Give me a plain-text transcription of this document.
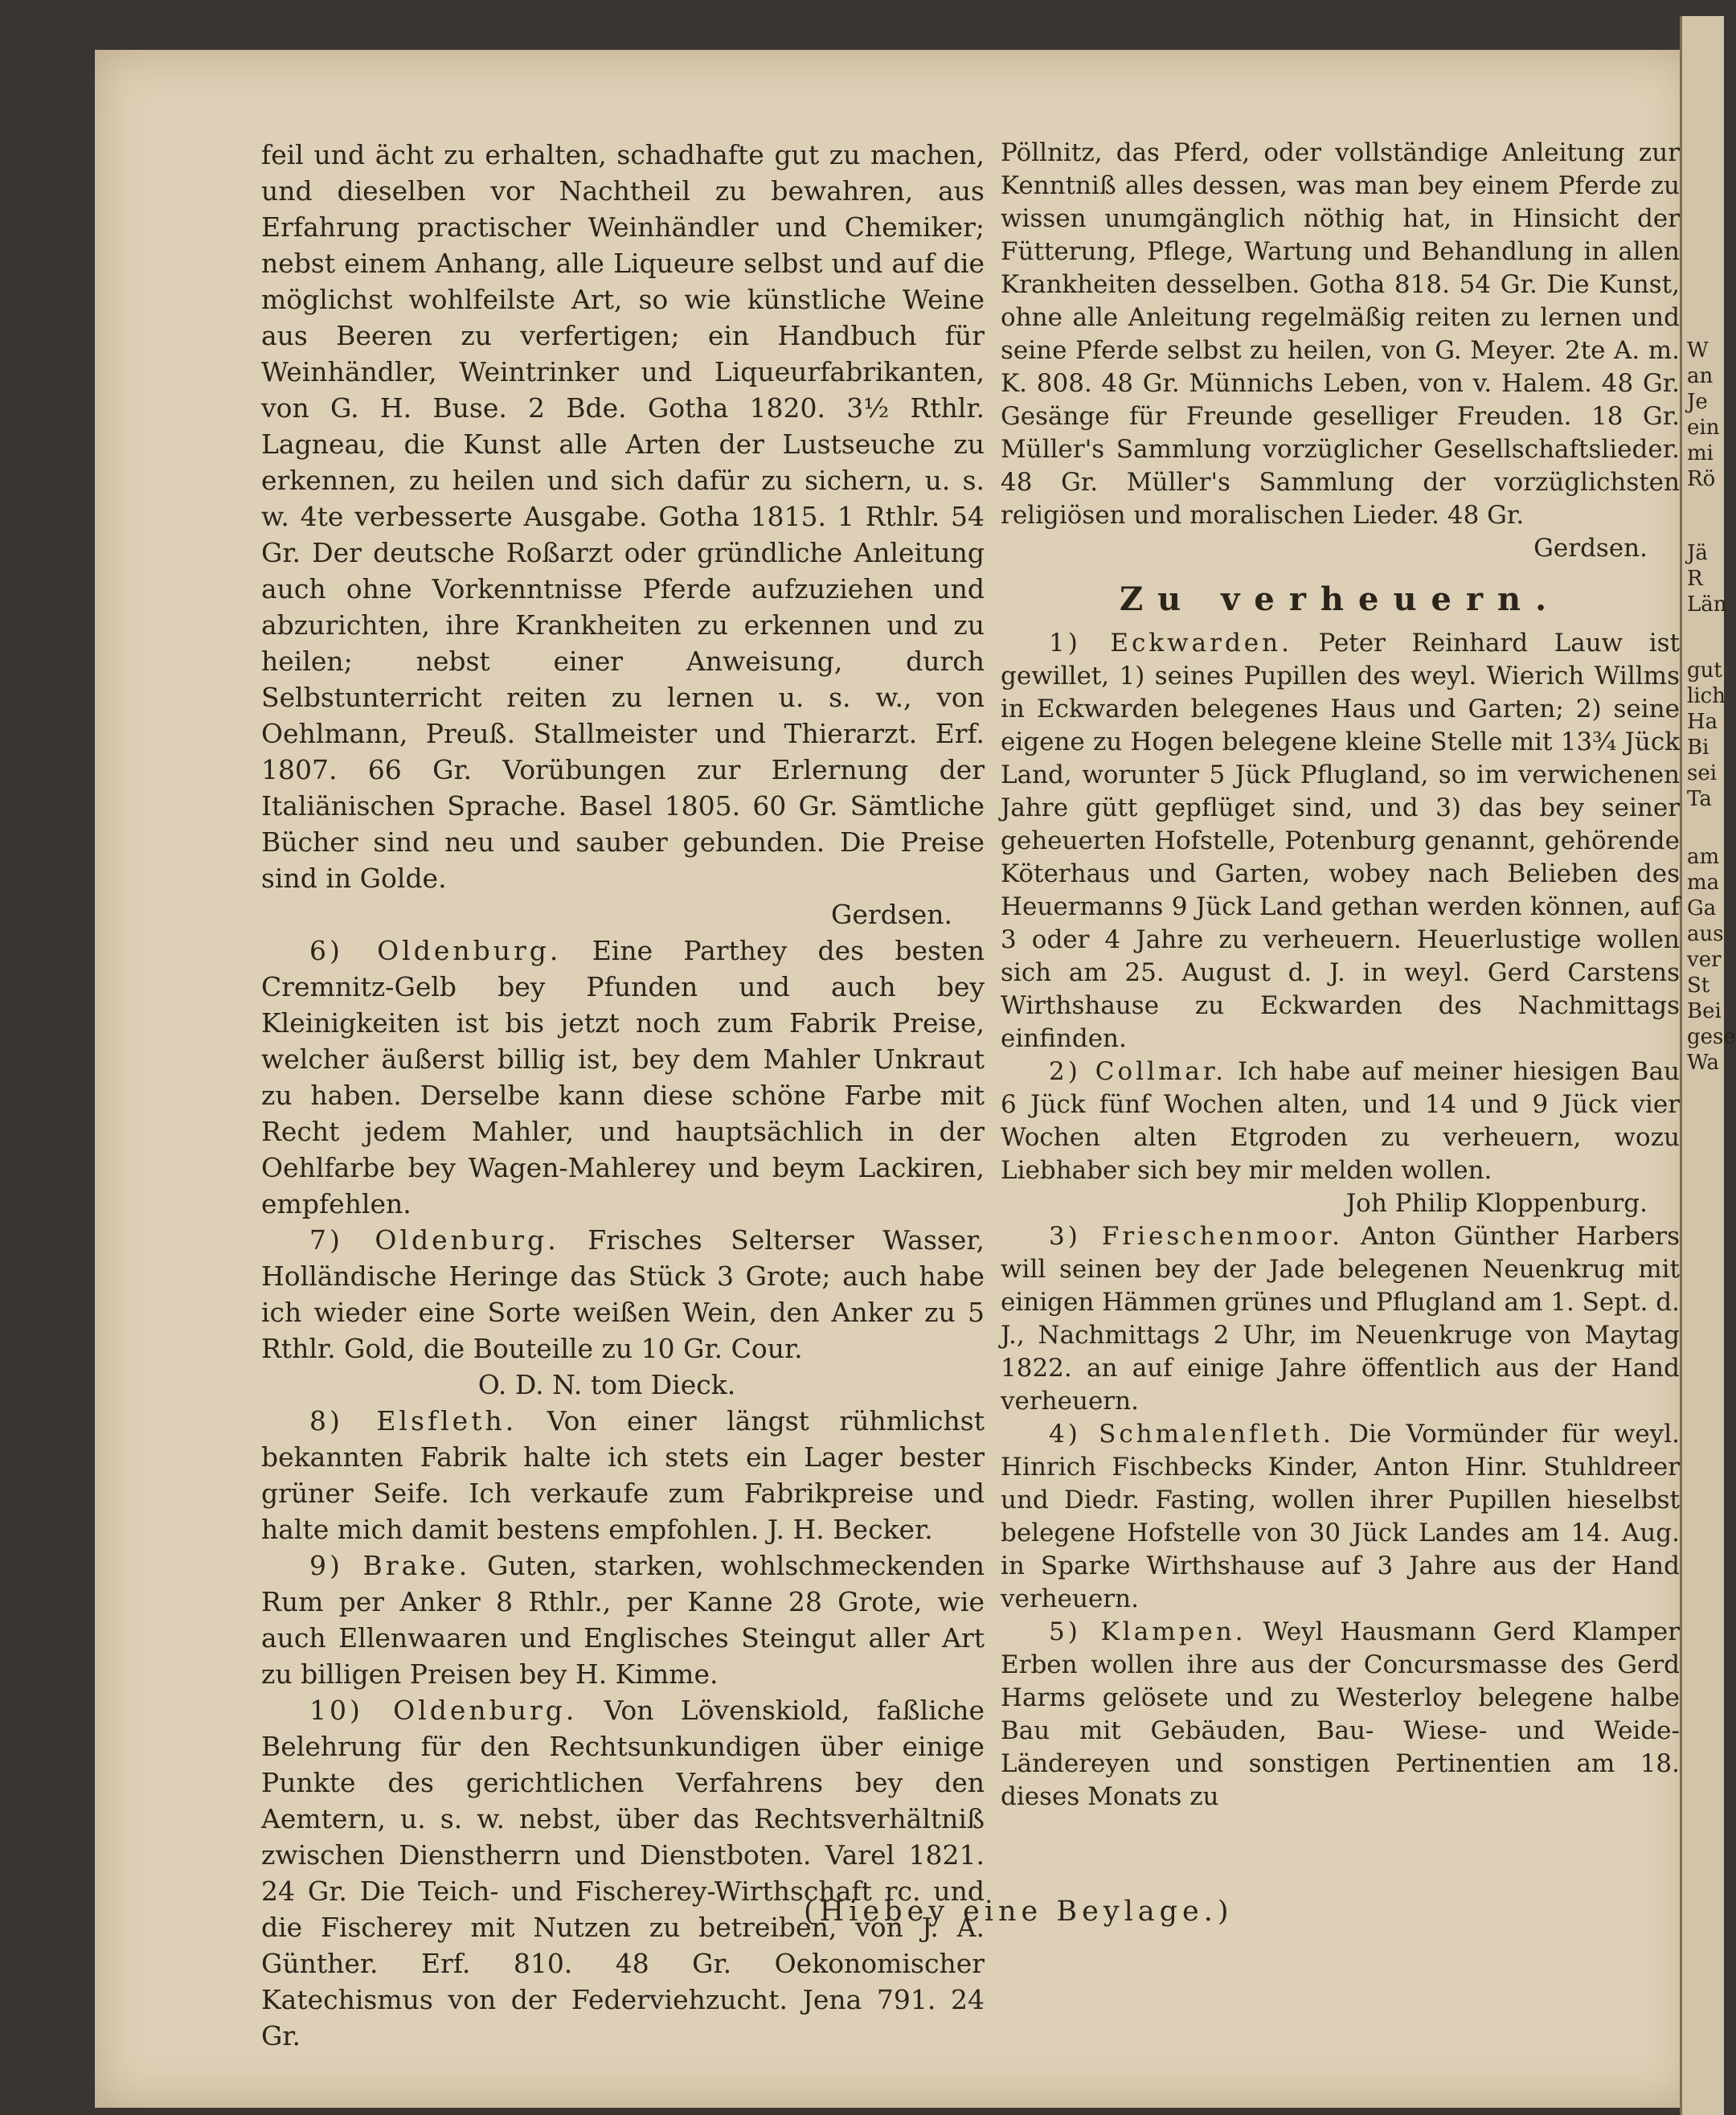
W
an
Je
ein
mi
Rö
Jä
R
Län
gut
lich
Ha
Bi
sei
Ta
am
ma
Ga
aus
ver
St
Bei
gese
Wa

feil und ächt zu erhalten, schadhafte gut zu machen, und dieselben vor Nachtheil zu bewahren, aus Erfahrung practischer Weinhändler und Chemiker; nebst einem Anhang, alle Liqueure selbst und auf die möglichst wohlfeilste Art, so wie künstliche Weine aus Beeren zu verfertigen; ein Handbuch für Weinhändler, Weintrinker und Liqueurfabrikanten, von G. H. Buse. 2 Bde. Gotha 1820. 3½ Rthlr. Lagneau, die Kunst alle Arten der Lustseuche zu erkennen, zu heilen und sich dafür zu sichern, u. s. w. 4te verbesserte Ausgabe. Gotha 1815. 1 Rthlr. 54 Gr. Der deutsche Roßarzt oder gründliche Anleitung auch ohne Vorkenntnisse Pferde aufzuziehen und abzurichten, ihre Krankheiten zu erkennen und zu heilen; nebst einer Anweisung, durch Selbstunterricht reiten zu lernen u. s. w., von Oehlmann, Preuß. Stallmeister und Thierarzt. Erf. 1807. 66 Gr. Vorübungen zur Erlernung der Italiänischen Sprache. Basel 1805. 60 Gr. Sämtliche Bücher sind neu und sauber gebunden. Die Preise sind in Golde.

Gerdsen.

6) Oldenburg. Eine Parthey des besten Cremnitz-Gelb bey Pfunden und auch bey Kleinigkeiten ist bis jetzt noch zum Fabrik Preise, welcher äußerst billig ist, bey dem Mahler Unkraut zu haben. Derselbe kann diese schöne Farbe mit Recht jedem Mahler, und hauptsächlich in der Oehlfarbe bey Wagen-Mahlerey und beym Lackiren, empfehlen.

7) Oldenburg. Frisches Selterser Wasser, Holländische Heringe das Stück 3 Grote; auch habe ich wieder eine Sorte weißen Wein, den Anker zu 5 Rthlr. Gold, die Bouteille zu 10 Gr. Cour.

O. D. N. tom Dieck.

8) Elsfleth. Von einer längst rühmlichst bekannten Fabrik halte ich stets ein Lager bester grüner Seife. Ich verkaufe zum Fabrikpreise und halte mich damit bestens empfohlen. J. H. Becker.

9) Brake. Guten, starken, wohlschmeckenden Rum per Anker 8 Rthlr., per Kanne 28 Grote, wie auch Ellenwaaren und Englisches Steingut aller Art zu billigen Preisen bey H. Kimme.

10) Oldenburg. Von Lövenskiold, faßliche Belehrung für den Rechtsunkundigen über einige Punkte des gerichtlichen Verfahrens bey den Aemtern, u. s. w. nebst, über das Rechtsverhältniß zwischen Dienstherrn und Dienstboten. Varel 1821. 24 Gr. Die Teich- und Fischerey-Wirthschaft rc. und die Fischerey mit Nutzen zu betreiben, von J. A. Günther. Erf. 810. 48 Gr. Oekonomischer Katechismus von der Federviehzucht. Jena 791. 24 Gr.

Pöllnitz, das Pferd, oder vollständige Anleitung zur Kenntniß alles dessen, was man bey einem Pferde zu wissen unumgänglich nöthig hat, in Hinsicht der Fütterung, Pflege, Wartung und Behandlung in allen Krankheiten desselben. Gotha 818. 54 Gr. Die Kunst, ohne alle Anleitung regelmäßig reiten zu lernen und seine Pferde selbst zu heilen, von G. Meyer. 2te A. m. K. 808. 48 Gr. Münnichs Leben, von v. Halem. 48 Gr. Gesänge für Freunde geselliger Freuden. 18 Gr. Müller's Sammlung vorzüglicher Gesellschaftslieder. 48 Gr. Müller's Sammlung der vorzüglichsten religiösen und moralischen Lieder. 48 Gr.

Gerdsen.

Zu verheuern.

1) Eckwarden. Peter Reinhard Lauw ist gewillet, 1) seines Pupillen des weyl. Wierich Willms in Eckwarden belegenes Haus und Garten; 2) seine eigene zu Hogen belegene kleine Stelle mit 13¾ Jück Land, worunter 5 Jück Pflugland, so im verwichenen Jahre gütt gepflüget sind, und 3) das bey seiner geheuerten Hofstelle, Potenburg genannt, gehörende Köterhaus und Garten, wobey nach Belieben des Heuermanns 9 Jück Land gethan werden können, auf 3 oder 4 Jahre zu verheuern. Heuerlustige wollen sich am 25. August d. J. in weyl. Gerd Carstens Wirthshause zu Eckwarden des Nachmittags einfinden.

2) Collmar. Ich habe auf meiner hiesigen Bau 6 Jück fünf Wochen alten, und 14 und 9 Jück vier Wochen alten Etgroden zu verheuern, wozu Liebhaber sich bey mir melden wollen.

Joh Philip Kloppenburg.

3) Frieschenmoor. Anton Günther Harbers will seinen bey der Jade belegenen Neuenkrug mit einigen Hämmen grünes und Pflugland am 1. Sept. d. J., Nachmittags 2 Uhr, im Neuenkruge von Maytag 1822. an auf einige Jahre öffentlich aus der Hand verheuern.

4) Schmalenfleth. Die Vormünder für weyl. Hinrich Fischbecks Kinder, Anton Hinr. Stuhldreer und Diedr. Fasting, wollen ihrer Pupillen hieselbst belegene Hofstelle von 30 Jück Landes am 14. Aug. in Sparke Wirthshause auf 3 Jahre aus der Hand verheuern.

5) Klampen. Weyl Hausmann Gerd Klamper Erben wollen ihre aus der Concursmasse des Gerd Harms gelösete und zu Westerloy belegene halbe Bau mit Gebäuden, Bau- Wiese- und Weide-Ländereyen und sonstigen Pertinentien am 18. dieses Monats zu

(Hiebey eine Beylage.)
